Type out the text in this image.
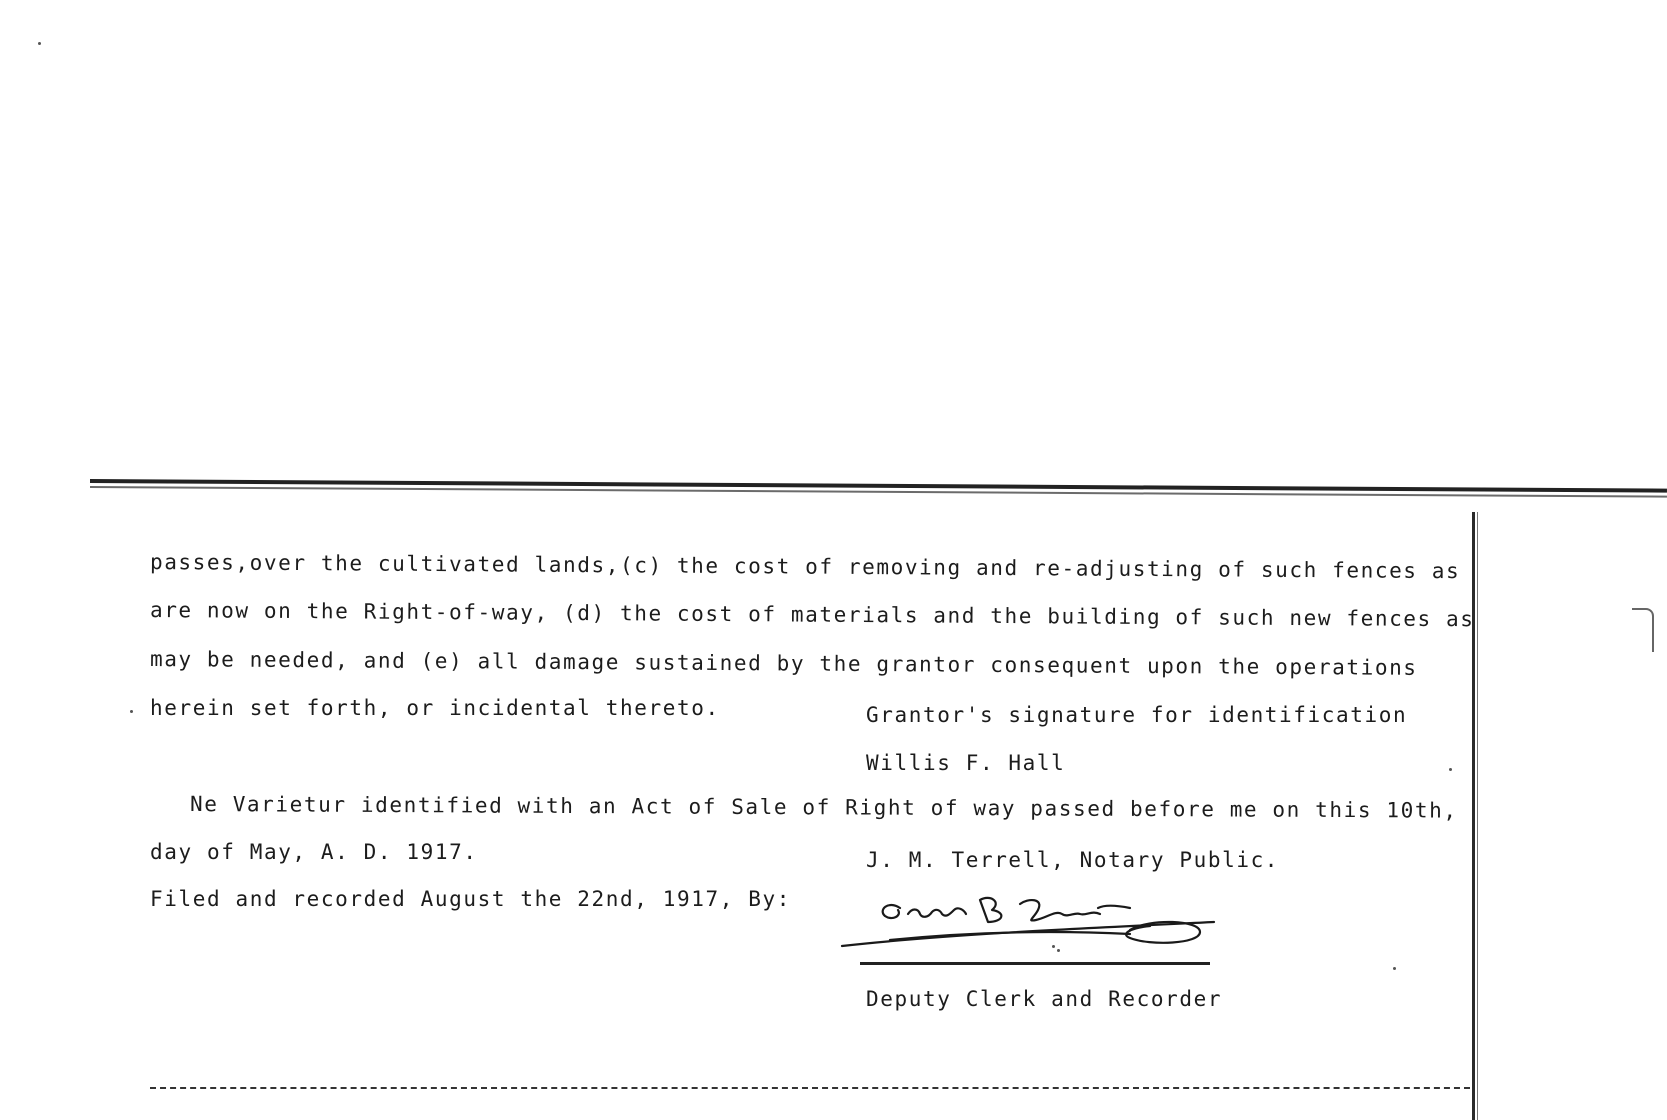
passes,over the cultivated lands,(c) the cost of removing and re-adjusting of such fences as
are now on the Right-of-way, (d) the cost of materials and the building of such new fences as
may be needed, and (e) all damage sustained by the grantor consequent upon the operations
herein set forth, or incidental thereto.	Grantor's signature for identification
Willis F. Hall
Ne Varietur identified with an Act of Sale of Right of way passed before me on this 10th,
day of May, A. D. 1917.	J. M. Terrell, Notary Public.
Filed and recorded August the 22nd, 1917, By:
Deputy Clerk and Recorder
